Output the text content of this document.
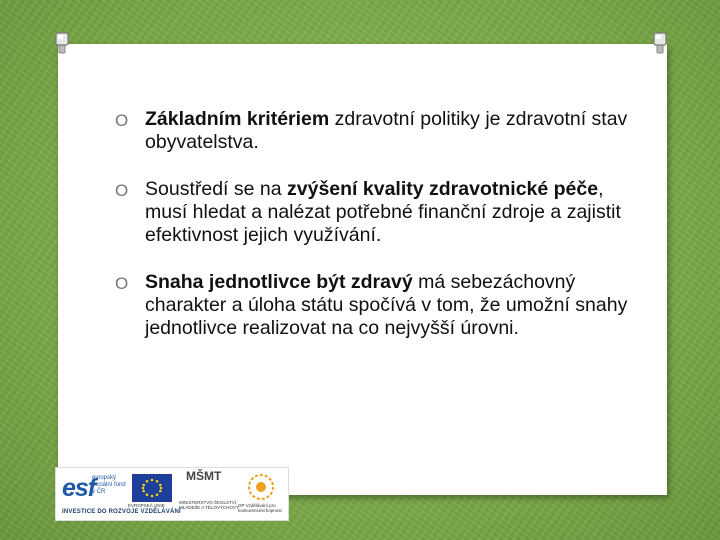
O Základním kritériem zdravotní politiky je zdravotní stav obyvatelstva.
O Soustředí se na zvýšení kvality zdravotnické péče, musí hledat a nalézat potřebné finanční zdroje a zajistit efektivnost jejich využívání.
O Snaha jednotlivce být zdravý má sebezáchovný charakter a úloha státu spočívá v tom, že umožní snahy jednotlivce realizovat na co nejvyšší úrovni.
esf
evropský sociální fond v ČR
EVROPSKÁ UNIE
MŠMT
MINISTERSTVO ŠKOLSTVÍ, MLÁDEŽE A TĚLOVÝCHOVY OP Vzdělávání pro konkurenceschopnost
INVESTICE DO ROZVOJE VZDĚLÁVÁNÍ
